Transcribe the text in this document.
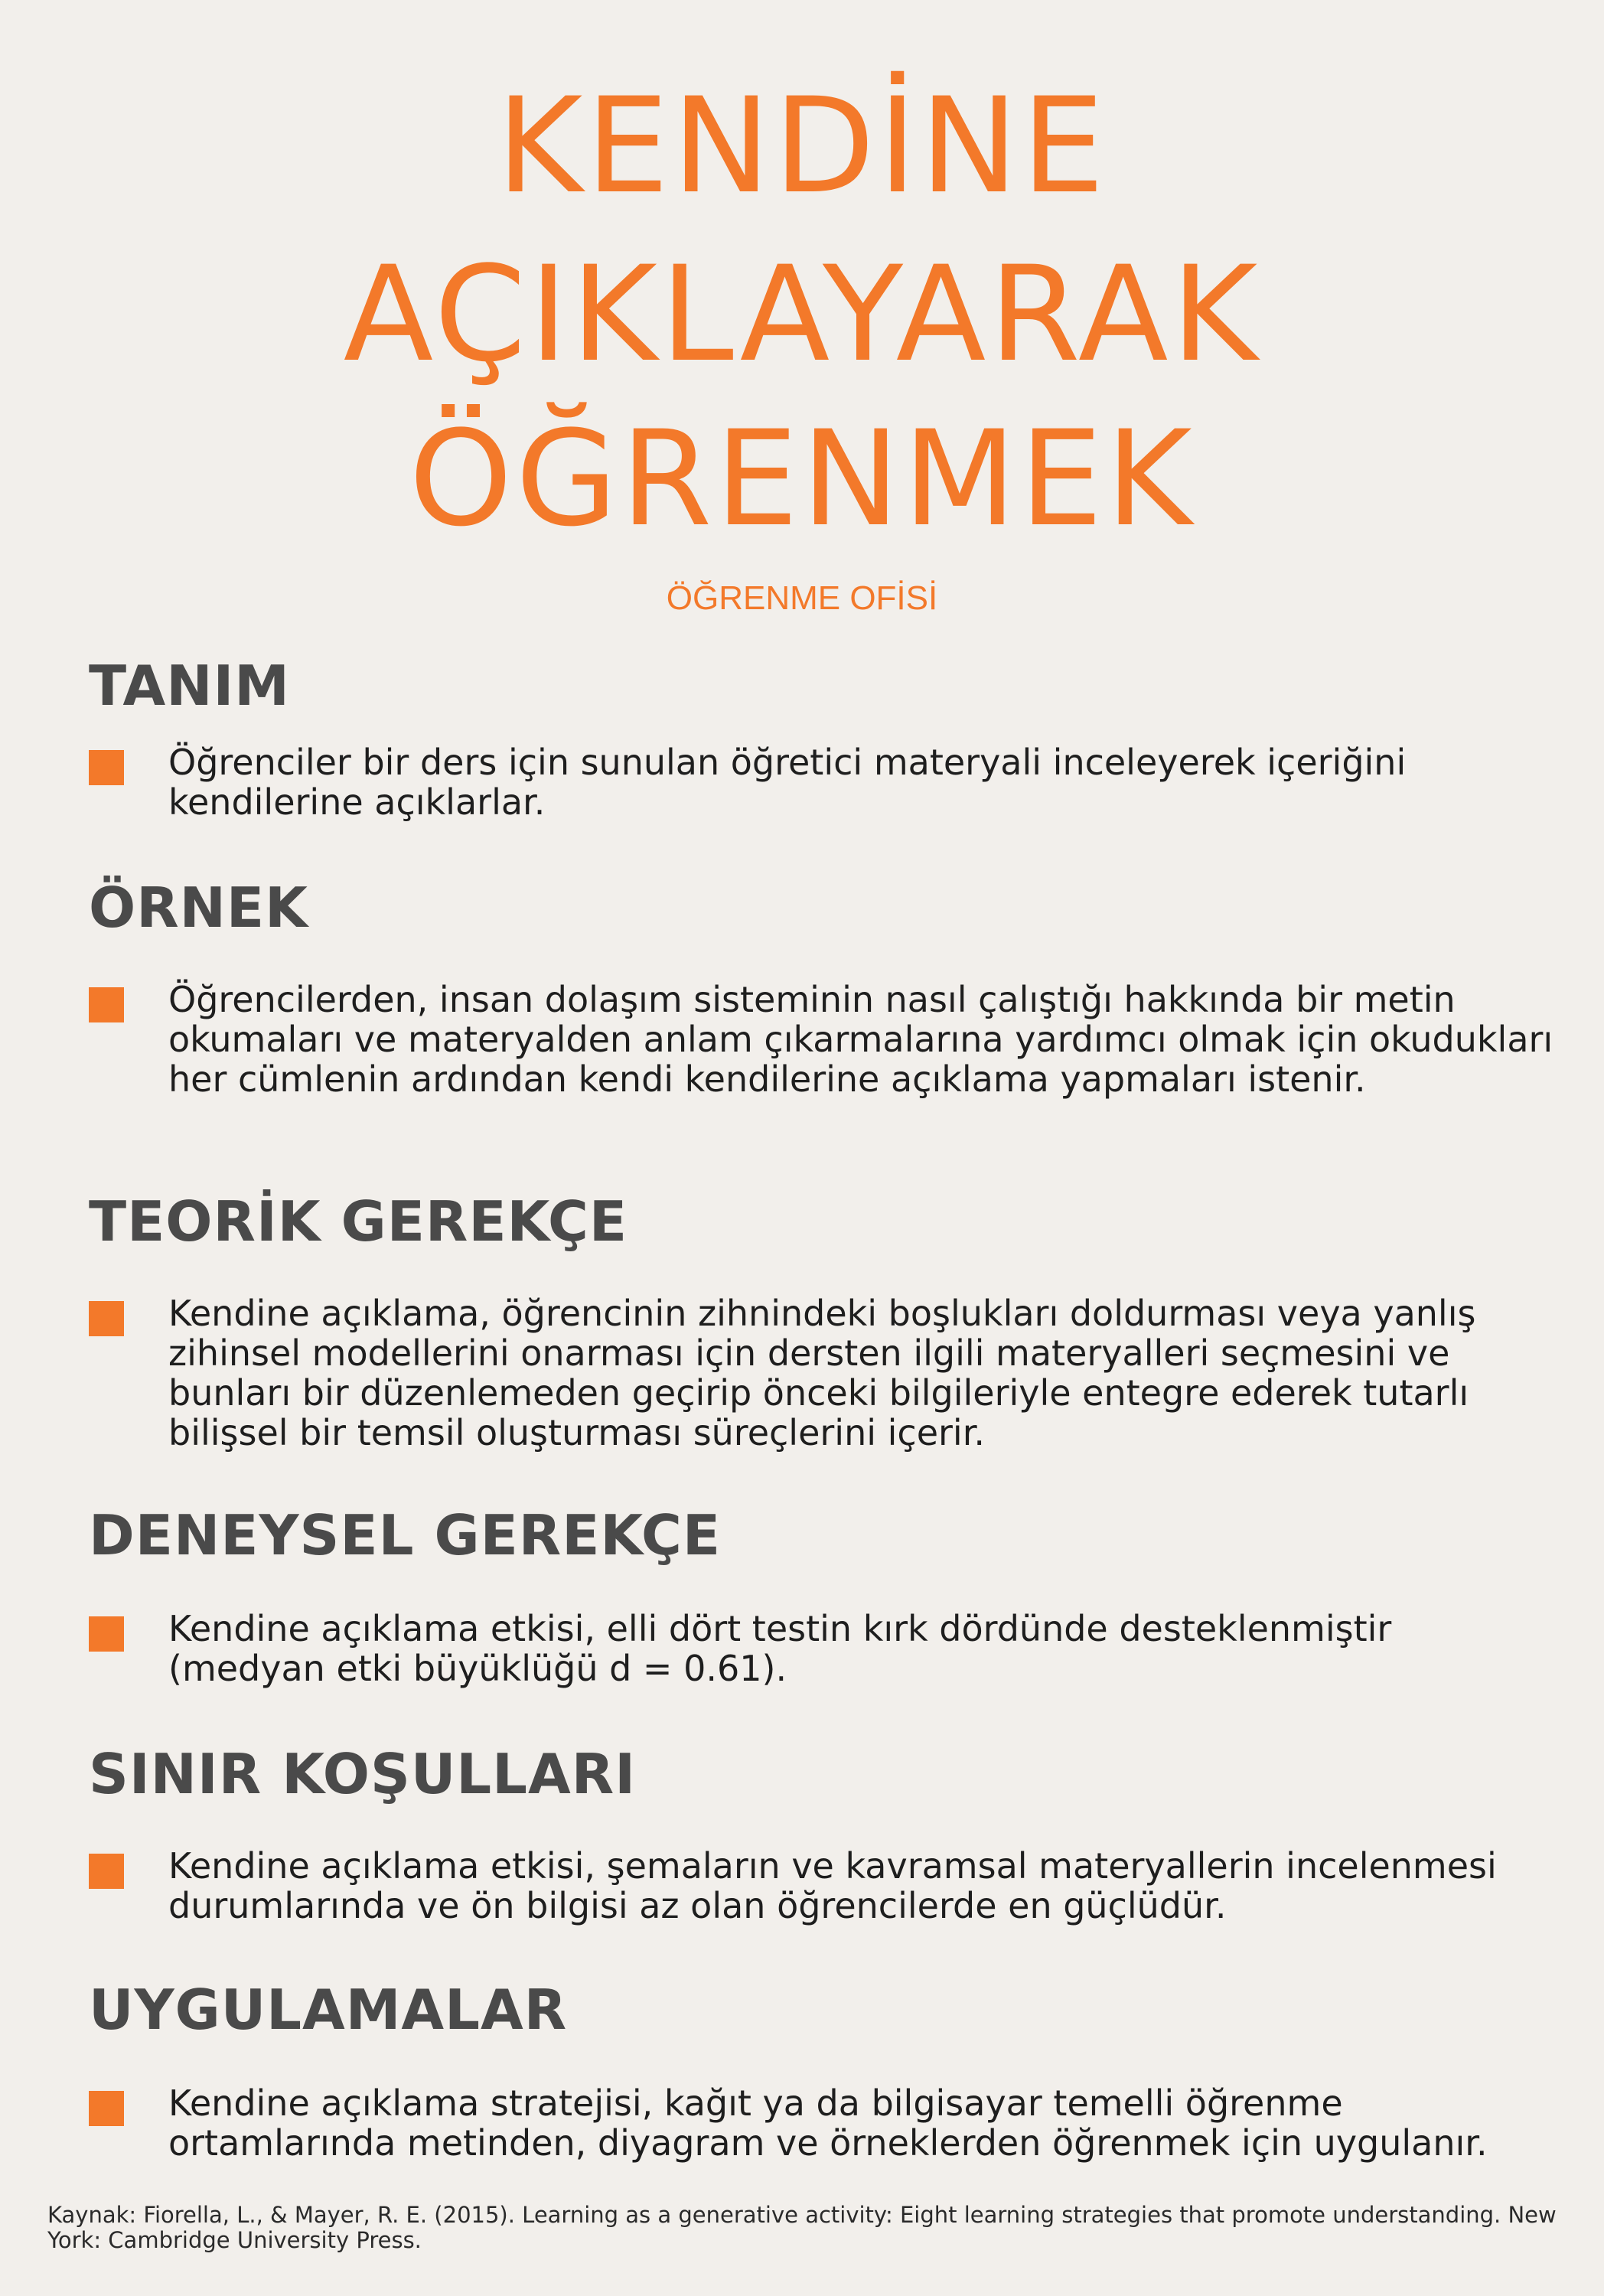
KENDİNE
AÇIKLAYARAK
ÖĞRENMEK

ÖĞRENME OFİSİ

TANIM

Öğrenciler bir ders için sunulan öğretici materyali inceleyerek içeriğini kendilerine açıklarlar.

ÖRNEK

Öğrencilerden, insan dolaşım sisteminin nasıl çalıştığı hakkında bir metin okumaları ve materyalden anlam çıkarmalarına yardımcı olmak için okudukları her cümlenin ardından kendi kendilerine açıklama yapmaları istenir.

TEORİK GEREKÇE

Kendine açıklama, öğrencinin zihnindeki boşlukları doldurması veya yanlış zihinsel modellerini onarması için dersten ilgili materyalleri seçmesini ve bunları bir düzenlemeden geçirip önceki bilgileriyle entegre ederek tutarlı bilişsel bir temsil oluşturması süreçlerini içerir.

DENEYSEL GEREKÇE

Kendine açıklama etkisi, elli dört testin kırk dördünde desteklenmiştir (medyan etki büyüklüğü d = 0.61).

SINIR KOŞULLARI

Kendine açıklama etkisi, şemaların ve kavramsal materyallerin incelenmesi durumlarında ve ön bilgisi az olan öğrencilerde en güçlüdür.

UYGULAMALAR

Kendine açıklama stratejisi, kağıt ya da bilgisayar temelli öğrenme ortamlarında metinden, diyagram ve örneklerden öğrenmek için uygulanır.

Kaynak: Fiorella, L., & Mayer, R. E. (2015). Learning as a generative activity: Eight learning strategies that promote understanding. New York: Cambridge University Press.
